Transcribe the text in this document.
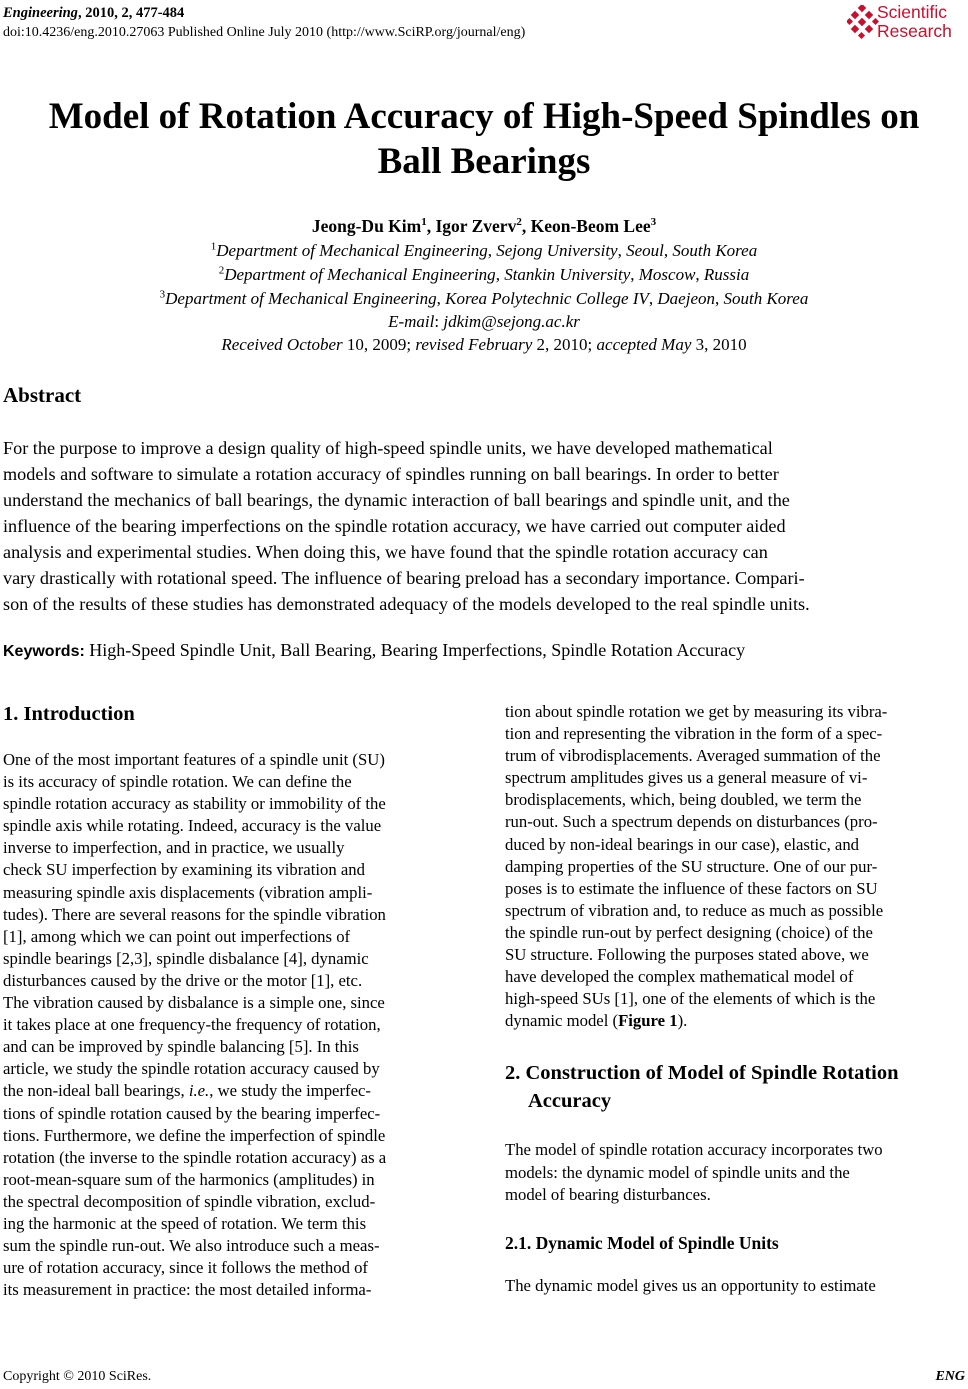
Engineering, 2010, 2, 477-484
doi:10.4236/eng.2010.27063 Published Online July 2010 (http://www.SciRP.org/journal/eng)
Scientific
Research
Model of Rotation Accuracy of High-Speed Spindles on
Ball Bearings
Jeong-Du Kim$^1$, Igor Zverv$^2$, Keon-Beom Lee$^3$
$^1$Department of Mechanical Engineering, Sejong University, Seoul, South Korea
$^2$Department of Mechanical Engineering, Stankin University, Moscow, Russia
$^3$Department of Mechanical Engineering, Korea Polytechnic College IV, Daejeon, South Korea
E-mail: jdkim@sejong.ac.kr
Received October 10, 2009; revised February 2, 2010; accepted May 3, 2010
Abstract

For the purpose to improve a design quality of high-speed spindle units, we have developed mathematical

models and software to simulate a rotation accuracy of spindles running on ball bearings. In order to better

understand the mechanics of ball bearings, the dynamic interaction of ball bearings and spindle unit, and the

influence of the bearing imperfections on the spindle rotation accuracy, we have carried out computer aided

analysis and experimental studies. When doing this, we have found that the spindle rotation accuracy can

vary drastically with rotational speed. The influence of bearing preload has a secondary importance. Compari-

son of the results of these studies has demonstrated adequacy of the models developed to the real spindle units.

Keywords: High-Speed Spindle Unit, Ball Bearing, Bearing Imperfections, Spindle Rotation Accuracy
1. Introduction
One of the most important features of a spindle unit (SU)
is its accuracy of spindle rotation. We can define the
spindle rotation accuracy as stability or immobility of the
spindle axis while rotating. Indeed, accuracy is the value
inverse to imperfection, and in practice, we usually
check SU imperfection by examining its vibration and
measuring spindle axis displacements (vibration ampli-
tudes). There are several reasons for the spindle vibration
[1], among which we can point out imperfections of
spindle bearings [2,3], spindle disbalance [4], dynamic
disturbances caused by the drive or the motor [1], etc.
The vibration caused by disbalance is a simple one, since
it takes place at one frequency-the frequency of rotation,
and can be improved by spindle balancing [5]. In this
article, we study the spindle rotation accuracy caused by
the non-ideal ball bearings, i.e., we study the imperfec-
tions of spindle rotation caused by the bearing imperfec-
tions. Furthermore, we define the imperfection of spindle
rotation (the inverse to the spindle rotation accuracy) as a
root-mean-square sum of the harmonics (amplitudes) in
the spectral decomposition of spindle vibration, exclud-
ing the harmonic at the speed of rotation. We term this
sum the spindle run-out. We also introduce such a meas-
ure of rotation accuracy, since it follows the method of
its measurement in practice: the most detailed informa-
tion about spindle rotation we get by measuring its vibra-
tion and representing the vibration in the form of a spec-
trum of vibrodisplacements. Averaged summation of the
spectrum amplitudes gives us a general measure of vi-
brodisplacements, which, being doubled, we term the
run-out. Such a spectrum depends on disturbances (pro-
duced by non-ideal bearings in our case), elastic, and
damping properties of the SU structure. One of our pur-
poses is to estimate the influence of these factors on SU
spectrum of vibration and, to reduce as much as possible
the spindle run-out by perfect designing (choice) of the
SU structure. Following the purposes stated above, we
have developed the complex mathematical model of
high-speed SUs [1], one of the elements of which is the
dynamic model (Figure 1).
2. Construction of Model of Spindle Rotation Accuracy
The model of spindle rotation accuracy incorporates two
models: the dynamic model of spindle units and the
model of bearing disturbances.
2.1. Dynamic Model of Spindle Units
The dynamic model gives us an opportunity to estimate
Copyright © 2010 SciRes.	ENG
